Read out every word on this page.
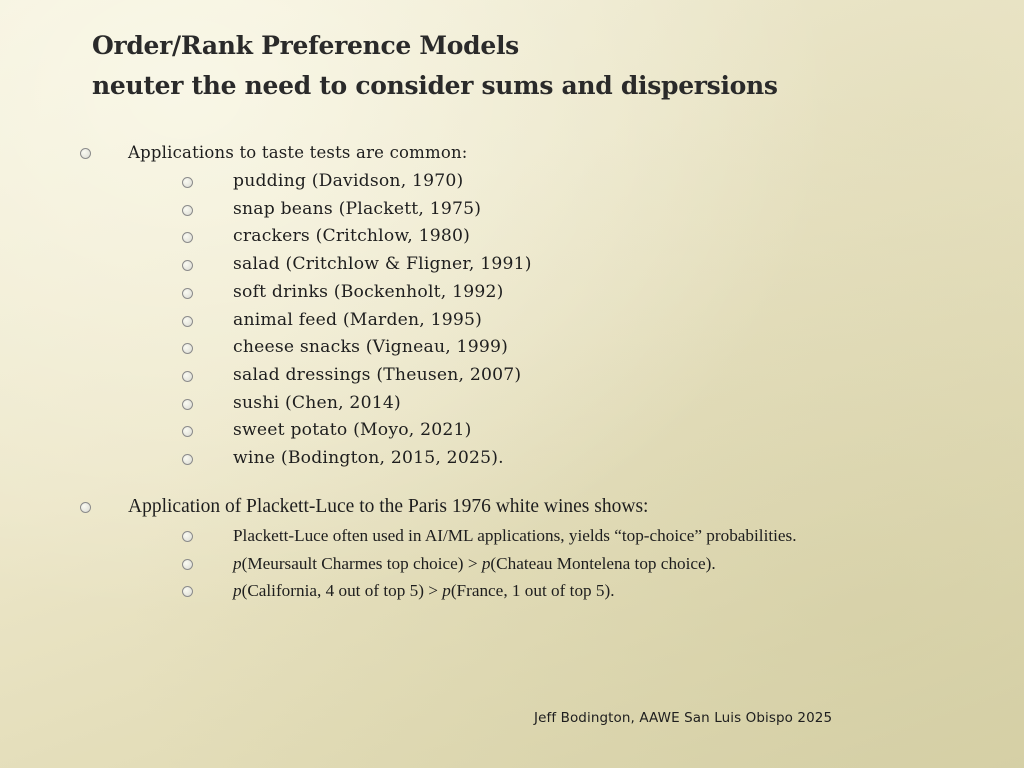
Order/Rank Preference Models
neuter the need to consider sums and dispersions
Applications to taste tests are common:
pudding (Davidson, 1970)
snap beans (Plackett, 1975)
crackers (Critchlow, 1980)
salad (Critchlow & Fligner, 1991)
soft drinks (Bockenholt, 1992)
animal feed (Marden, 1995)
cheese snacks (Vigneau, 1999)
salad dressings (Theusen, 2007)
sushi (Chen, 2014)
sweet potato (Moyo, 2021)
wine (Bodington, 2015, 2025).
Application of Plackett-Luce to the Paris 1976 white wines shows:
Plackett-Luce often used in AI/ML applications, yields “top-choice” probabilities.
p(Meursault Charmes top choice) > p(Chateau Montelena top choice).
p(California, 4 out of top 5) > p(France, 1 out of top 5).
Jeff Bodington, AAWE San Luis Obispo 2025
